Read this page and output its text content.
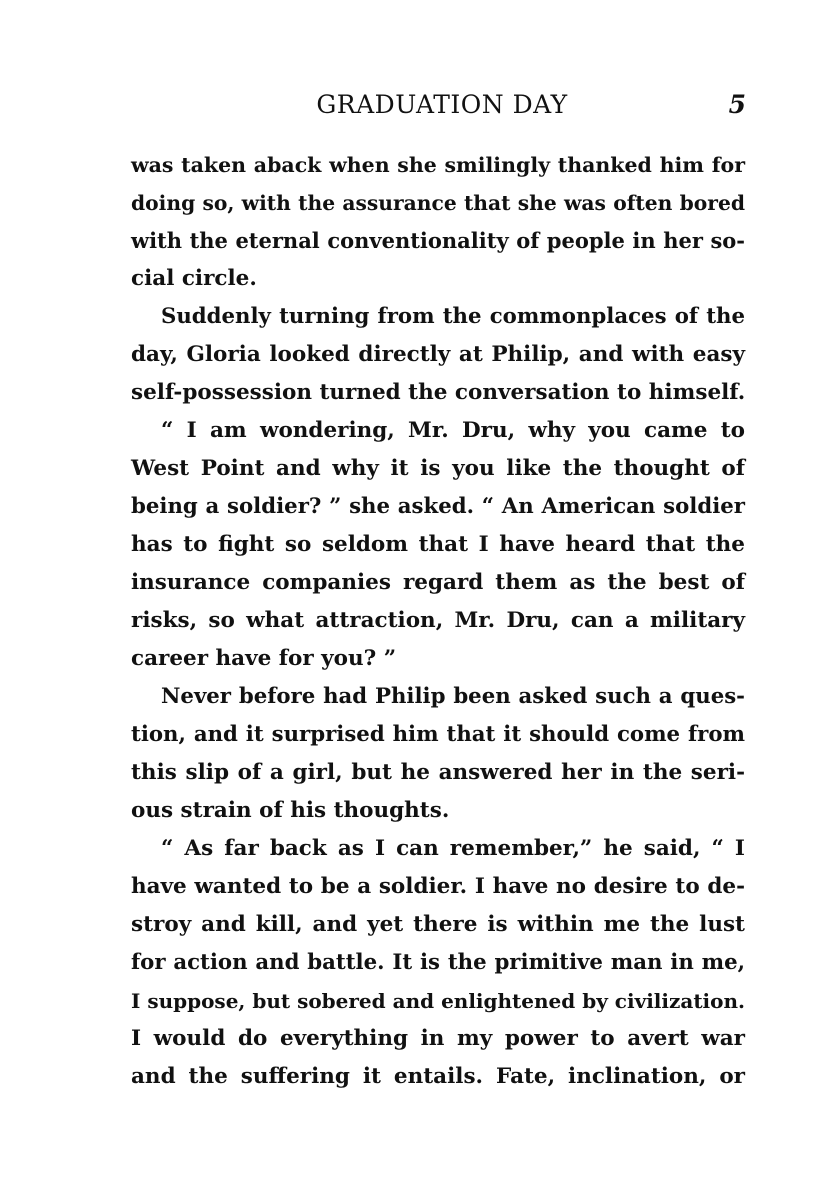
GRADUATION DAY	5
was taken aback when she smilingly thanked him for
doing so, with the assurance that she was often bored
with the eternal conventionality of people in her so-
cial circle.
Suddenly turning from the commonplaces of the
day, Gloria looked directly at Philip, and with easy
self-possession turned the conversation to himself.
“ I am wondering, Mr. Dru, why you came to
West Point and why it is you like the thought of
being a soldier? ” she asked. “ An American soldier
has to fight so seldom that I have heard that the
insurance companies regard them as the best of
risks, so what attraction, Mr. Dru, can a military
career have for you? ”
Never before had Philip been asked such a ques-
tion, and it surprised him that it should come from
this slip of a girl, but he answered her in the seri-
ous strain of his thoughts.
“ As far back as I can remember,” he said, “ I
have wanted to be a soldier. I have no desire to de-
stroy and kill, and yet there is within me the lust
for action and battle. It is the primitive man in me,
I suppose, but sobered and enlightened by civilization.
I would do everything in my power to avert war
and the suffering it entails. Fate, inclination, or
